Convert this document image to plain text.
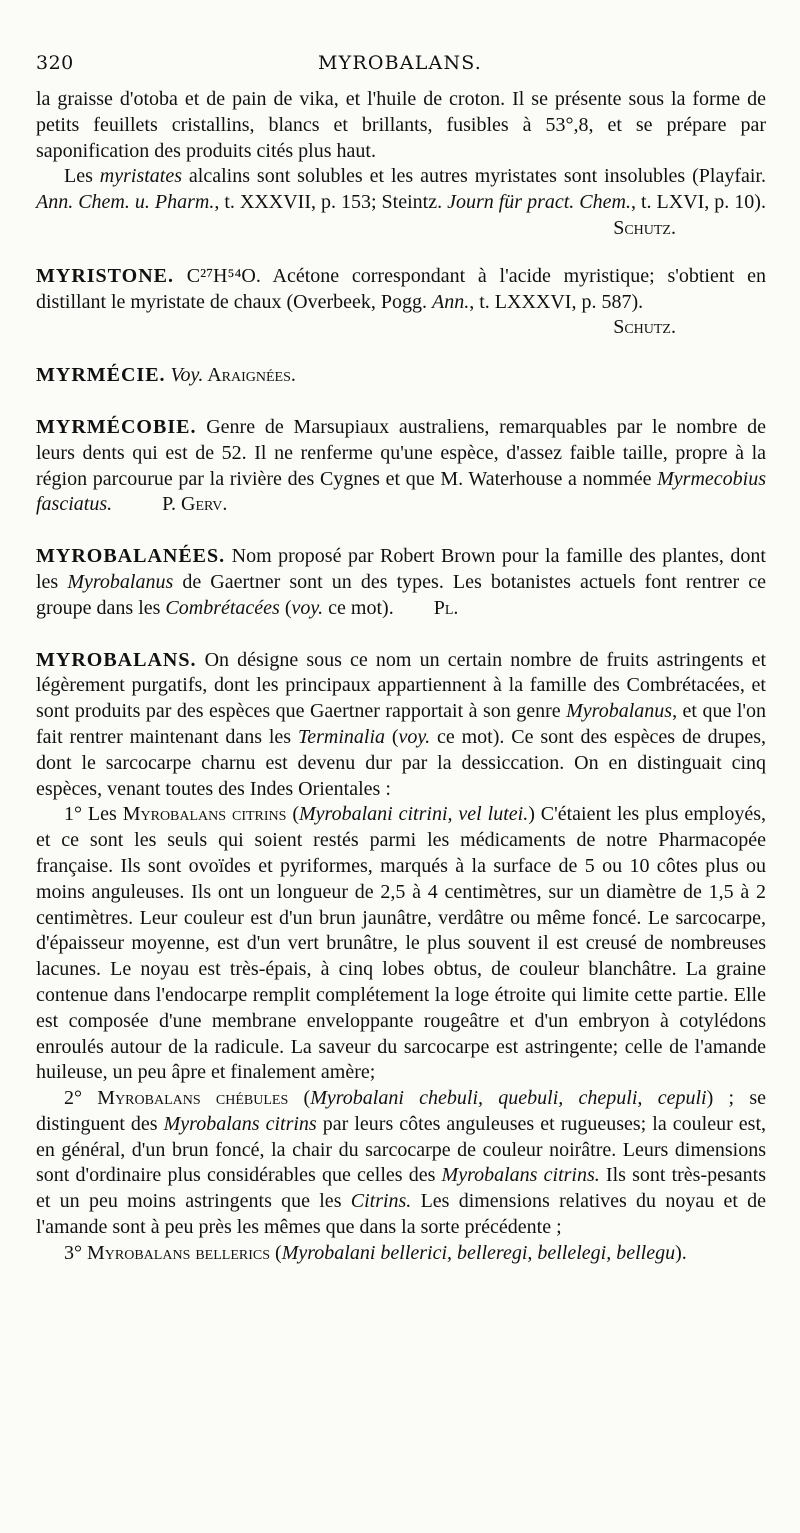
320	MYROBALANS.

la graisse d'otoba et de pain de vika, et l'huile de croton. Il se présente sous la forme de petits feuillets cristallins, blancs et brillants, fusibles à 53°,8, et se prépare par saponification des produits cités plus haut.

Les myristates alcalins sont solubles et les autres myristates sont insolubles (Playfair. Ann. Chem. u. Pharm., t. XXXVII, p. 153; Steintz. Journ für pract. Chem., t. LXVI, p. 10).

Schutz.

MYRISTONE. C²⁷H⁵⁴O. Acétone correspondant à l'acide myristique; s'obtient en distillant le myristate de chaux (Overbeek, Pogg. Ann., t. LXXXVI, p. 587).

Schutz.

MYRMÉCIE. Voy. Araignées.

MYRMÉCOBIE. Genre de Marsupiaux australiens, remarquables par le nombre de leurs dents qui est de 52. Il ne renferme qu'une espèce, d'assez faible taille, propre à la région parcourue par la rivière des Cygnes et que M. Waterhouse a nommée Myrmecobius fasciatus.	P. Gerv.

MYROBALANÉES. Nom proposé par Robert Brown pour la famille des plantes, dont les Myrobalanus de Gaertner sont un des types. Les botanistes actuels font rentrer ce groupe dans les Combrétacées (voy. ce mot). Pl.

MYROBALANS. On désigne sous ce nom un certain nombre de fruits astringents et légèrement purgatifs, dont les principaux appartiennent à la famille des Combrétacées, et sont produits par des espèces que Gaertner rapportait à son genre Myrobalanus, et que l'on fait rentrer maintenant dans les Terminalia (voy. ce mot). Ce sont des espèces de drupes, dont le sarcocarpe charnu est devenu dur par la dessiccation. On en distinguait cinq espèces, venant toutes des Indes Orientales :

1° Les Myrobalans citrins (Myrobalani citrini, vel lutei.) C'étaient les plus employés, et ce sont les seuls qui soient restés parmi les médicaments de notre Pharmacopée française. Ils sont ovoïdes et pyriformes, marqués à la surface de 5 ou 10 côtes plus ou moins anguleuses. Ils ont un longueur de 2,5 à 4 centimètres, sur un diamètre de 1,5 à 2 centimètres. Leur couleur est d'un brun jaunâtre, verdâtre ou même foncé. Le sarcocarpe, d'épaisseur moyenne, est d'un vert brunâtre, le plus souvent il est creusé de nombreuses lacunes. Le noyau est très-épais, à cinq lobes obtus, de couleur blanchâtre. La graine contenue dans l'endocarpe remplit complétement la loge étroite qui limite cette partie. Elle est composée d'une membrane enveloppante rougeâtre et d'un embryon à cotylédons enroulés autour de la radicule. La saveur du sarcocarpe est astringente; celle de l'amande huileuse, un peu âpre et finalement amère;

2° Myrobalans chébules (Myrobalani chebuli, quebuli, chepuli, cepuli) ; se distinguent des Myrobalans citrins par leurs côtes anguleuses et rugueuses; la couleur est, en général, d'un brun foncé, la chair du sarcocarpe de couleur noirâtre. Leurs dimensions sont d'ordinaire plus considérables que celles des Myrobalans citrins. Ils sont très-pesants et un peu moins astringents que les Citrins. Les dimensions relatives du noyau et de l'amande sont à peu près les mêmes que dans la sorte précédente ;

3° Myrobalans bellerics (Myrobalani bellerici, belleregi, bellelegi, bellegu).
